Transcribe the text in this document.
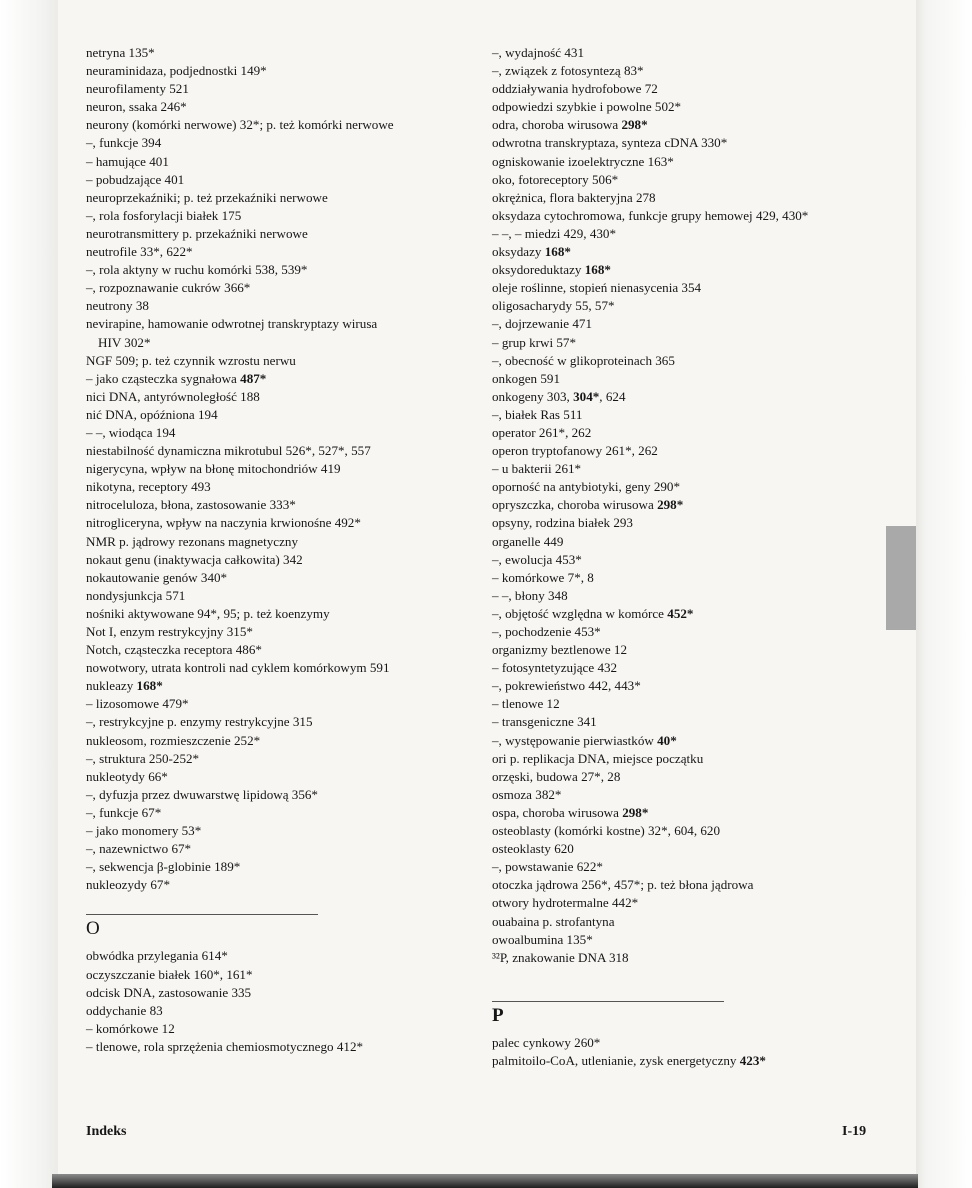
netryna 135*
neuraminidaza, podjednostki 149*
neurofilamenty 521
neuron, ssaka 246*
neurony (komórki nerwowe) 32*; p. też komórki nerwowe
–, funkcje 394
– hamujące 401
– pobudzające 401
neuroprzekaźniki; p. też przekaźniki nerwowe
–, rola fosforylacji białek 175
neurotransmittery p. przekaźniki nerwowe
neutrofile 33*, 622*
–, rola aktyny w ruchu komórki 538, 539*
–, rozpoznawanie cukrów 366*
neutrony 38
nevirapine, hamowanie odwrotnej transkryptazy wirusa
HIV 302*
NGF 509; p. też czynnik wzrostu nerwu
– jako cząsteczka sygnałowa 487*
nici DNA, antyrównoległość 188
nić DNA, opóźniona 194
– –, wiodąca 194
niestabilność dynamiczna mikrotubul 526*, 527*, 557
nigerycyna, wpływ na błonę mitochondriów 419
nikotyna, receptory 493
nitroceluloza, błona, zastosowanie 333*
nitrogliceryna, wpływ na naczynia krwionośne 492*
NMR p. jądrowy rezonans magnetyczny
nokaut genu (inaktywacja całkowita) 342
nokautowanie genów 340*
nondysjunkcja 571
nośniki aktywowane 94*, 95; p. też koenzymy
Not I, enzym restrykcyjny 315*
Notch, cząsteczka receptora 486*
nowotwory, utrata kontroli nad cyklem komórkowym 591
nukleazy 168*
– lizosomowe 479*
–, restrykcyjne p. enzymy restrykcyjne 315
nukleosom, rozmieszczenie 252*
–, struktura 250-252*
nukleotydy 66*
–, dyfuzja przez dwuwarstwę lipidową 356*
–, funkcje 67*
– jako monomery 53*
–, nazewnictwo 67*
–, sekwencja β-globinie 189*
nukleozydy 67*
O
obwódka przylegania 614*
oczyszczanie białek 160*, 161*
odcisk DNA, zastosowanie 335
oddychanie 83
– komórkowe 12
– tlenowe, rola sprzężenia chemiosmotycznego 412*
–, wydajność 431
–, związek z fotosyntezą 83*
oddziaływania hydrofobowe 72
odpowiedzi szybkie i powolne 502*
odra, choroba wirusowa 298*
odwrotna transkryptaza, synteza cDNA 330*
ogniskowanie izoelektryczne 163*
oko, fotoreceptory 506*
okrężnica, flora bakteryjna 278
oksydaza cytochromowa, funkcje grupy hemowej 429, 430*
– –, – miedzi 429, 430*
oksydazy 168*
oksydoreduktazy 168*
oleje roślinne, stopień nienasycenia 354
oligosacharydy 55, 57*
–, dojrzewanie 471
– grup krwi 57*
–, obecność w glikoproteinach 365
onkogen 591
onkogeny 303, 304*, 624
–, białek Ras 511
operator 261*, 262
operon tryptofanowy 261*, 262
– u bakterii 261*
oporność na antybiotyki, geny 290*
opryszczka, choroba wirusowa 298*
opsyny, rodzina białek 293
organelle 449
–, ewolucja 453*
– komórkowe 7*, 8
– –, błony 348
–, objętość względna w komórce 452*
–, pochodzenie 453*
organizmy beztlenowe 12
– fotosyntetyzujące 432
–, pokrewieństwo 442, 443*
– tlenowe 12
– transgeniczne 341
–, występowanie pierwiastków 40*
ori p. replikacja DNA, miejsce początku
orzęski, budowa 27*, 28
osmoza 382*
ospa, choroba wirusowa 298*
osteoblasty (komórki kostne) 32*, 604, 620
osteoklasty 620
–, powstawanie 622*
otoczka jądrowa 256*, 457*; p. też błona jądrowa
otwory hydrotermalne 442*
ouabaina p. strofantyna
owoalbumina 135*
³²P, znakowanie DNA 318
P
palec cynkowy 260*
palmitoilo-CoA, utlenianie, zysk energetyczny 423*
Indeks	I-19
